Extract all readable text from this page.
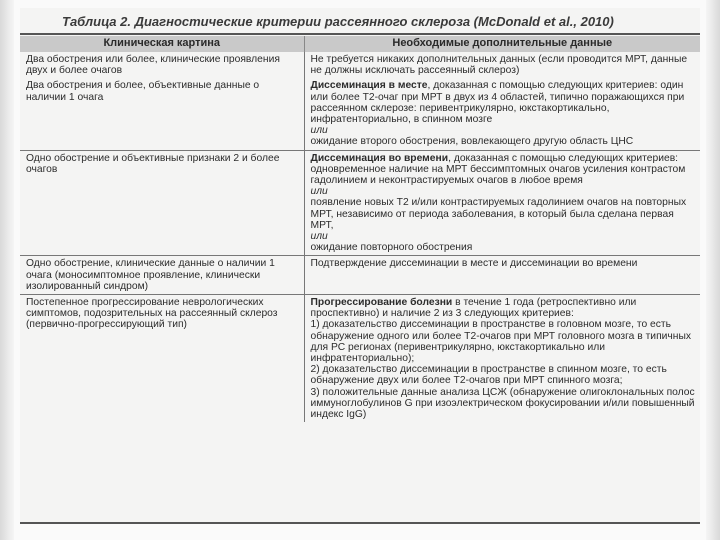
Таблица 2. Диагностические критерии рассеянного склероза (McDonald et al., 2010)
Клиническая картина	Необходимые дополнительные данные
Два обострения или более, клинические проявления двух и более очагов	Не требуется никаких дополнительных данных (если проводится МРТ, данные не должны исключать рассеянный склероз)

Два обострения и более, объективные данные о наличии 1 очага	Диссеминация в месте, доказанная с помощью следующих критериев: один или более Т2-очаг при МРТ в двух из 4 областей, типично поражающихся при рассеянном склерозе: перивентрикулярно, юкстакортикально, инфратенториально, в спинном мозге

или

ожидание второго обострения, вовлекающего другую область ЦНС

Одно обострение и объективные признаки 2 и более очагов	Диссеминация во времени, доказанная с помощью следующих критериев: одновременное наличие на МРТ бессимптомных очагов усиления контрастом гадолинием и неконтрастируемых очагов в любое время

или

появление новых Т2 и/или контрастируемых гадолинием очагов на повторных МРТ, независимо от периода заболевания, в который была сделана первая МРТ,

или

ожидание повторного обострения

Одно обострение, клинические данные о наличии 1 очага (моносимптомное проявление, клинически изолированный синдром)	Подтверждение диссеминации в месте и диссеминации во времени

Постепенное прогрессирование неврологических симптомов, подозрительных на рассеянный склероз (первично-прогрессирующий тип)	Прогрессирование болезни в течение 1 года (ретроспективно или проспективно) и наличие 2 из 3 следующих критериев:

1) доказательство диссеминации в пространстве в головном мозге, то есть обнаружение одного или более Т2-очагов при МРТ головного мозга в типичных для РС регионах (перивентрикулярно, юкстакортикально или инфратенториально);

2) доказательство диссеминации в пространстве в спинном мозге, то есть обнаружение двух или более Т2-очагов при МРТ спинного мозга;

3) положительные данные анализа ЦСЖ (обнаружение олигоклональных полос иммуноглобулинов G при изоэлектрическом фокусировании и/или повышенный индекс IgG)
